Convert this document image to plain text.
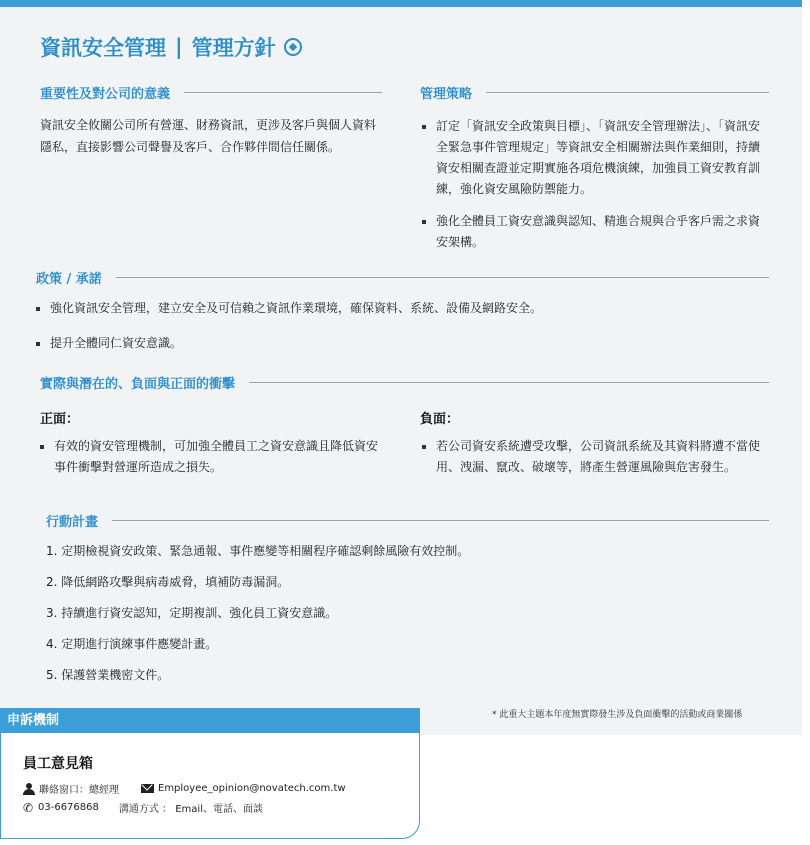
資訊安全管理 | 管理方針
重要性及對公司的意義
資訊安全攸關公司所有營運、財務資訊，更涉及客戶與個人資料隱私，直接影響公司聲譽及客戶、合作夥伴間信任關係。
管理策略
訂定「資訊安全政策與目標」、「資訊安全管理辦法」、「資訊安全緊急事件管理規定」等資訊安全相關辦法與作業細則，持續資安相關查證並定期實施各項危機演練，加強員工資安教育訓練，強化資安風險防禦能力。
強化全體員工資安意識與認知、精進合規與合乎客戶需之求資安架構。
政策 / 承諾
強化資訊安全管理，建立安全及可信賴之資訊作業環境，確保資料、系統、設備及網路安全。
提升全體同仁資安意識。
實際與潛在的、負面與正面的衝擊
正面：
有效的資安管理機制，可加強全體員工之資安意識且降低資安事件衝擊對營運所造成之損失。
負面：
若公司資安系統遭受攻擊，公司資訊系統及其資料將遭不當使用、洩漏、竄改、破壞等，將產生營運風險與危害發生。
行動計畫
1. 定期檢視資安政策、緊急通報、事件應變等相關程序確認剩餘風險有效控制。
2. 降低網路攻擊與病毒威脅，填補防毒漏洞。
3. 持續進行資安認知，定期複訓、強化員工資安意識。
4. 定期進行演練事件應變計畫。
5. 保護營業機密文件。
* 此重大主題本年度無實際發生涉及負面衝擊的活動或商業關係
申訴機制
員工意見箱
聯絡窗口：總經理	Employee_opinion@novatech.com.tw
✆ 03-6676868 溝通方式 ： Email、電話、面談
